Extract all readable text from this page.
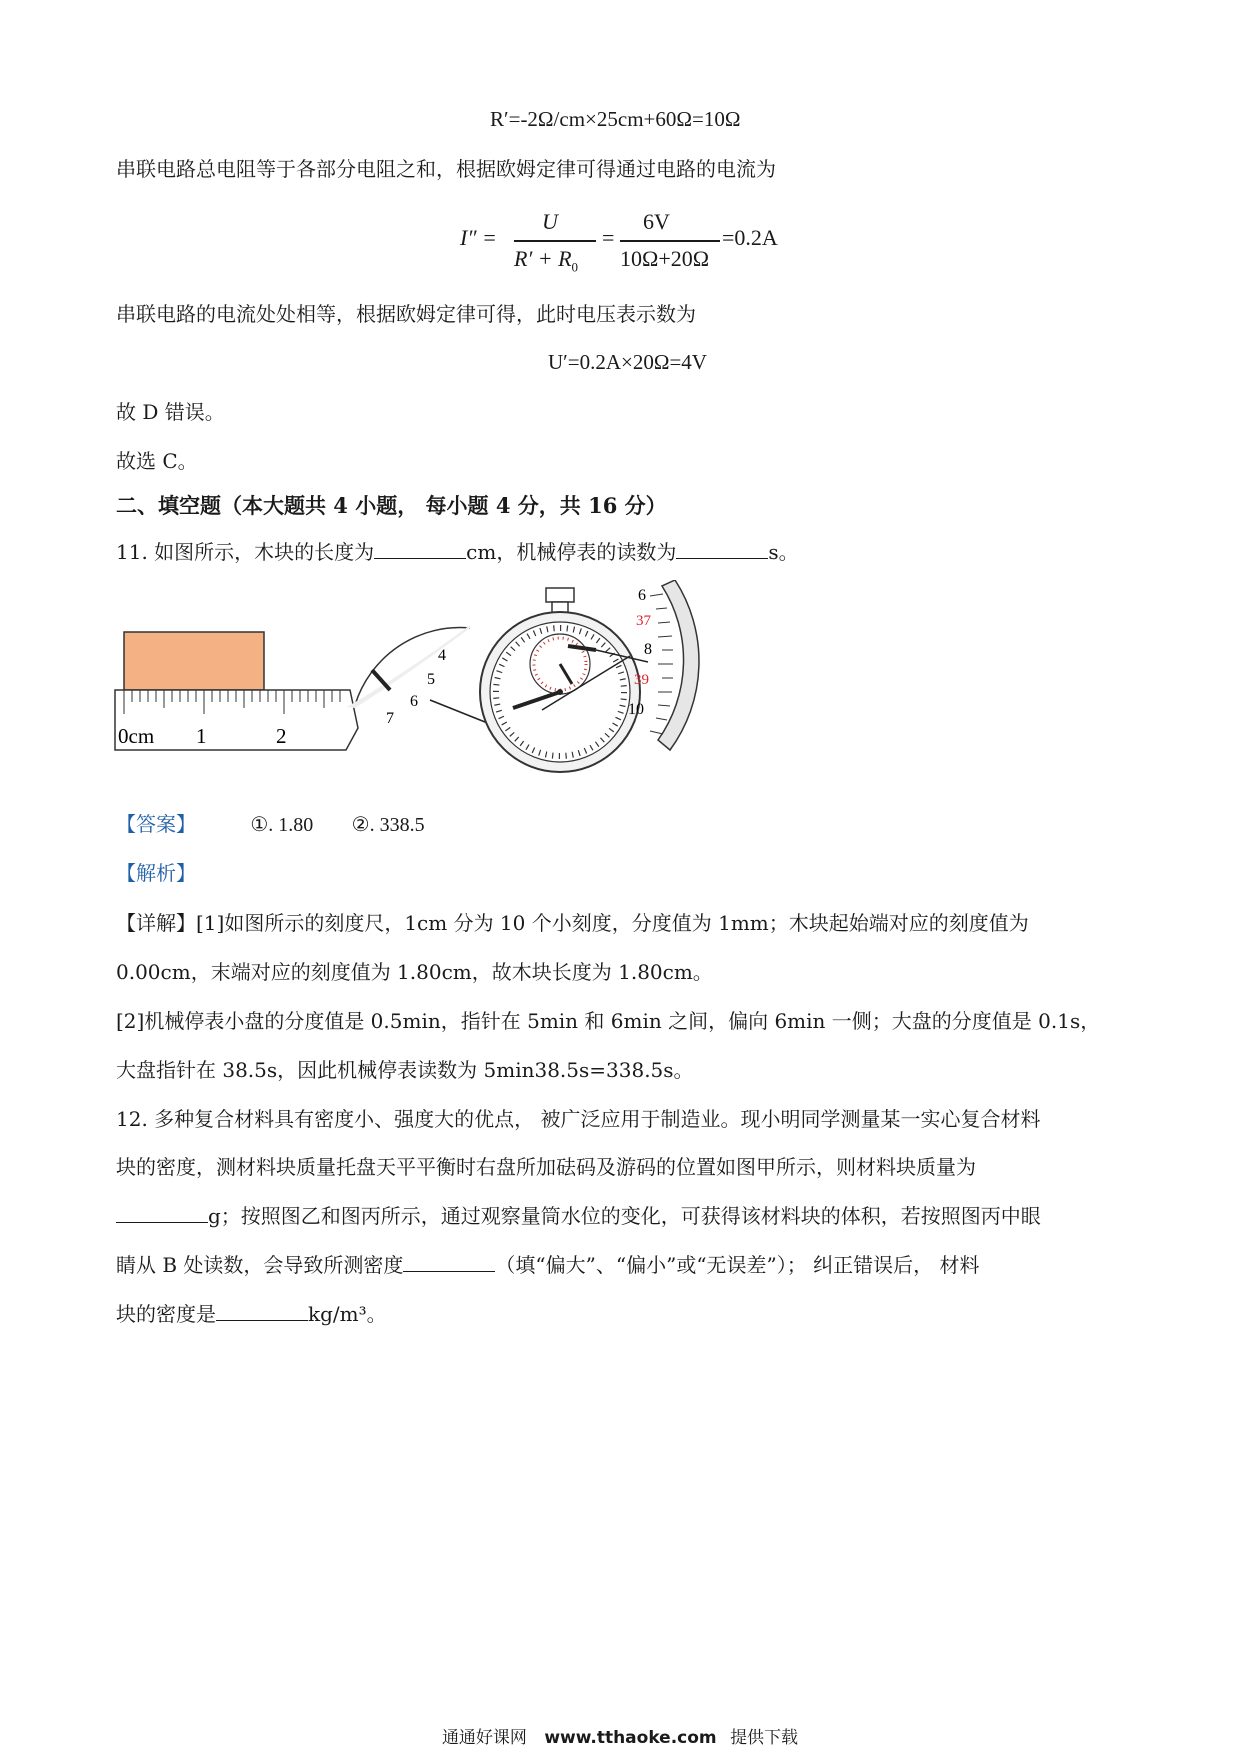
R′=-2Ω/cm×25cm+60Ω=10Ω
串联电路总电阻等于各部分电阻之和，根据欧姆定律可得通过电路的电流为
I″ =
U
$R' + R_0$
=
6V
10Ω+20Ω
=0.2A
串联电路的电流处处相等，根据欧姆定律可得，此时电压表示数为
U′=0.2A×20Ω=4V
故 D 错误。
故选 C。
二、填空题（本大题共 4 小题， 每小题 4 分，共 16 分）
11. 如图所示，木块的长度为	cm，机械停表的读数为	s。
0cm 1	2
4
5
6
7
6
37
8
39
10
【答案】	①. 1.80 ②. 338.5
【解析】
【详解】[1]如图所示的刻度尺，1cm 分为 10 个小刻度，分度值为 1mm；木块起始端对应的刻度值为
0.00cm，末端对应的刻度值为 1.80cm，故木块长度为 1.80cm。
[2]机械停表小盘的分度值是 0.5min，指针在 5min 和 6min 之间，偏向 6min 一侧；大盘的分度值是 0.1s，
大盘指针在 38.5s，因此机械停表读数为 5min38.5s=338.5s。
12. 多种复合材料具有密度小、强度大的优点， 被广泛应用于制造业。现小明同学测量某一实心复合材料
块的密度，测材料块质量托盘天平平衡时右盘所加砝码及游码的位置如图甲所示，则材料块质量为
g；按照图乙和图丙所示，通过观察量筒水位的变化，可获得该材料块的体积，若按照图丙中眼
睛从 B 处读数，会导致所测密度	（填“偏大”、“偏小”或“无误差”）； 纠正错误后， 材料
块的密度是	kg/m³。
通通好课网 www.tthaoke.com 提供下载
